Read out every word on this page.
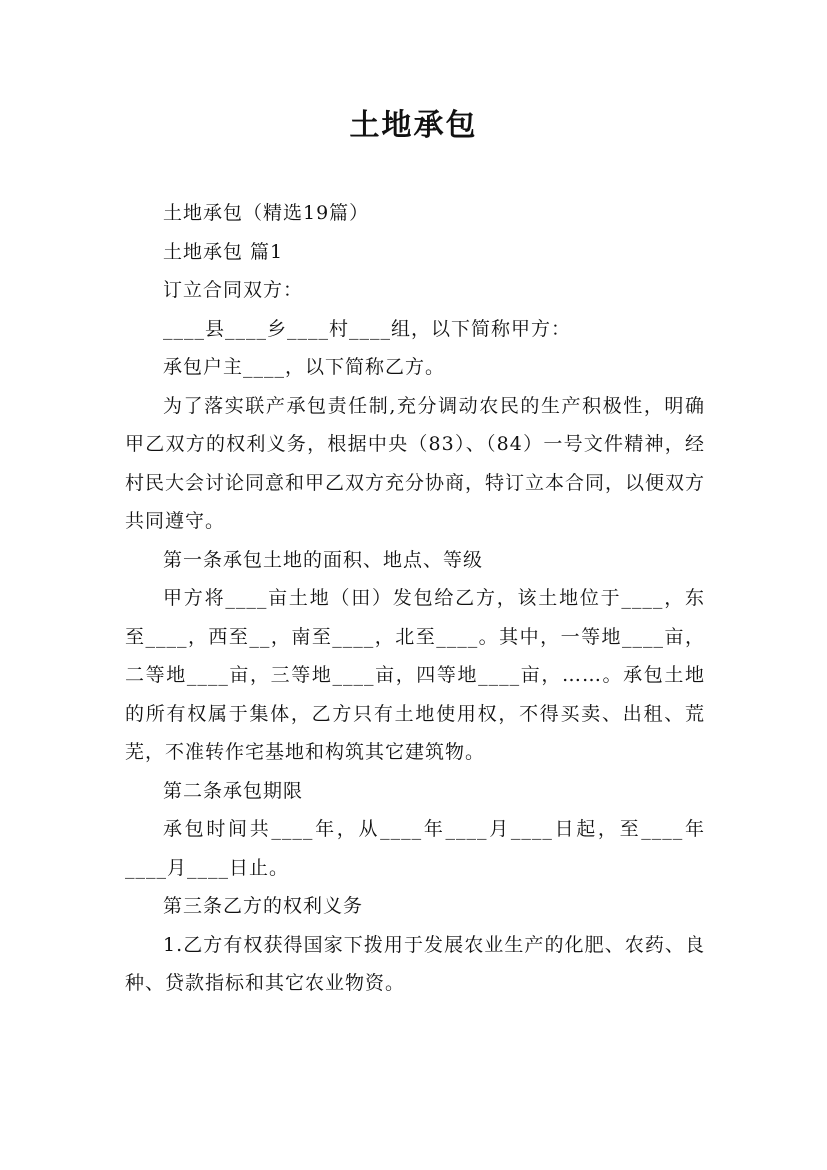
土地承包

土地承包（精选19篇）

土地承包 篇1

订立合同双方：

____县____乡____村____组，以下简称甲方：

承包户主____，以下简称乙方。

为了落实联产承包责任制,充分调动农民的生产积极性，明确甲乙双方的权利义务，根据中央（83）、（84）一号文件精神，经村民大会讨论同意和甲乙双方充分协商，特订立本合同，以便双方共同遵守。

第一条承包土地的面积、地点、等级

甲方将____亩土地（田）发包给乙方，该土地位于____，东至____，西至__，南至____，北至____。其中，一等地____亩，二等地____亩，三等地____亩，四等地____亩，……。承包土地的所有权属于集体，乙方只有土地使用权，不得买卖、出租、荒芜，不准转作宅基地和构筑其它建筑物。

第二条承包期限

承包时间共____年，从____年____月____日起，至____年____月____日止。

第三条乙方的权利义务

1.乙方有权获得国家下拨用于发展农业生产的化肥、农药、良种、贷款指标和其它农业物资。
